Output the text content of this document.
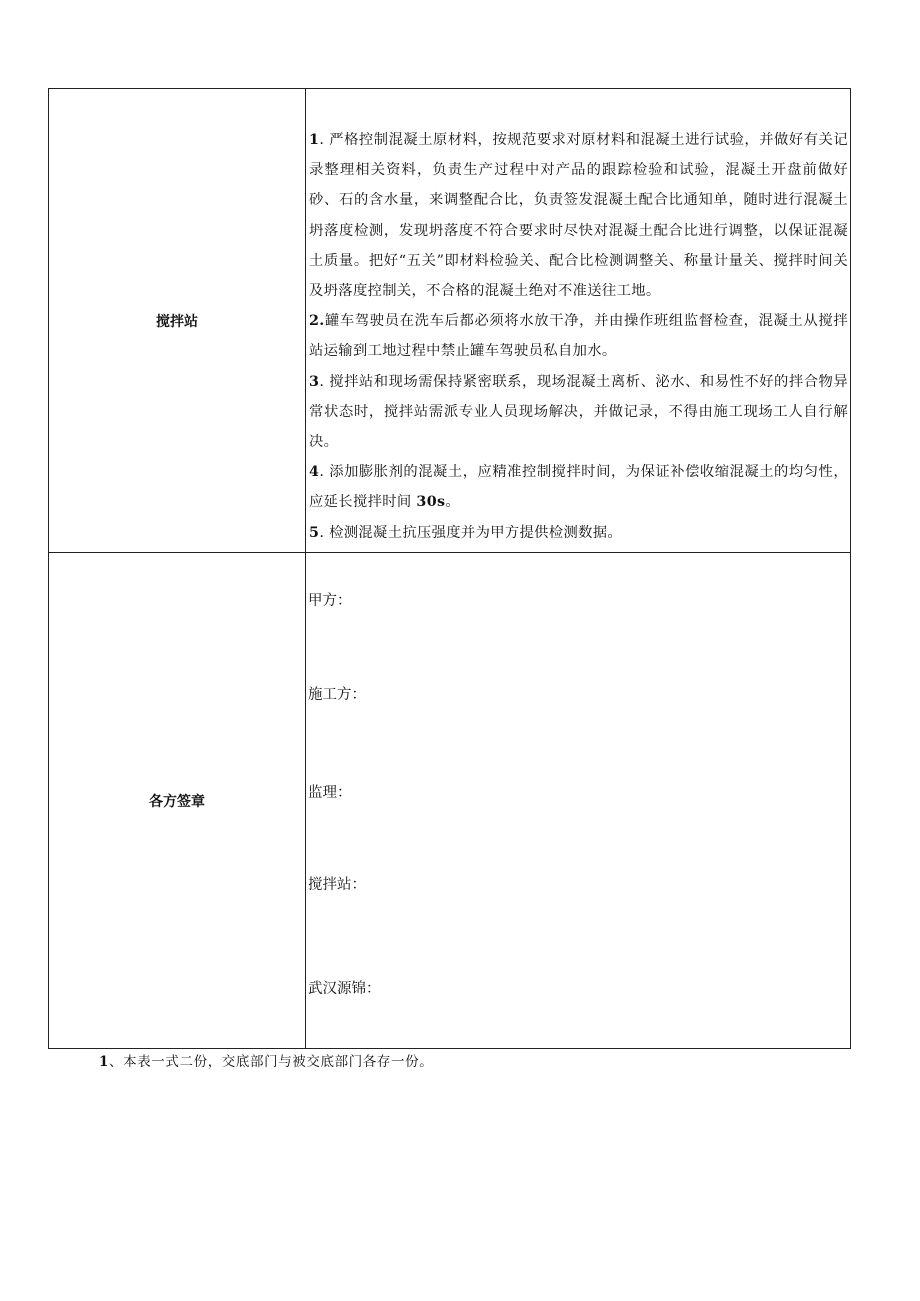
搅拌站	1. 严格控制混凝土原材料，按规范要求对原材料和混凝土进行试验，并做好有关记录整理相关资料，负责生产过程中对产品的跟踪检验和试验，混凝土开盘前做好砂、石的含水量，来调整配合比，负责签发混凝土配合比通知单，随时进行混凝土坍落度检测，发现坍落度不符合要求时尽快对混凝土配合比进行调整，以保证混凝土质量。把好“五关”即材料检验关、配合比检测调整关、称量计量关、搅拌时间关及坍落度控制关，不合格的混凝土绝对不准送往工地。

2.罐车驾驶员在洗车后都必须将水放干净，并由操作班组监督检查，混凝土从搅拌站运输到工地过程中禁止罐车驾驶员私自加水。

3. 搅拌站和现场需保持紧密联系，现场混凝土离析、泌水、和易性不好的拌合物异常状态时，搅拌站需派专业人员现场解决，并做记录，不得由施工现场工人自行解决。

4. 添加膨胀剂的混凝土，应精准控制搅拌时间，为保证补偿收缩混凝土的均匀性，应延长搅拌时间 30s。

5. 检测混凝土抗压强度并为甲方提供检测数据。

各方签章	甲方：
施工方：
监理：
搅拌站：
武汉源锦：

1、本表一式二份，交底部门与被交底部门各存一份。
